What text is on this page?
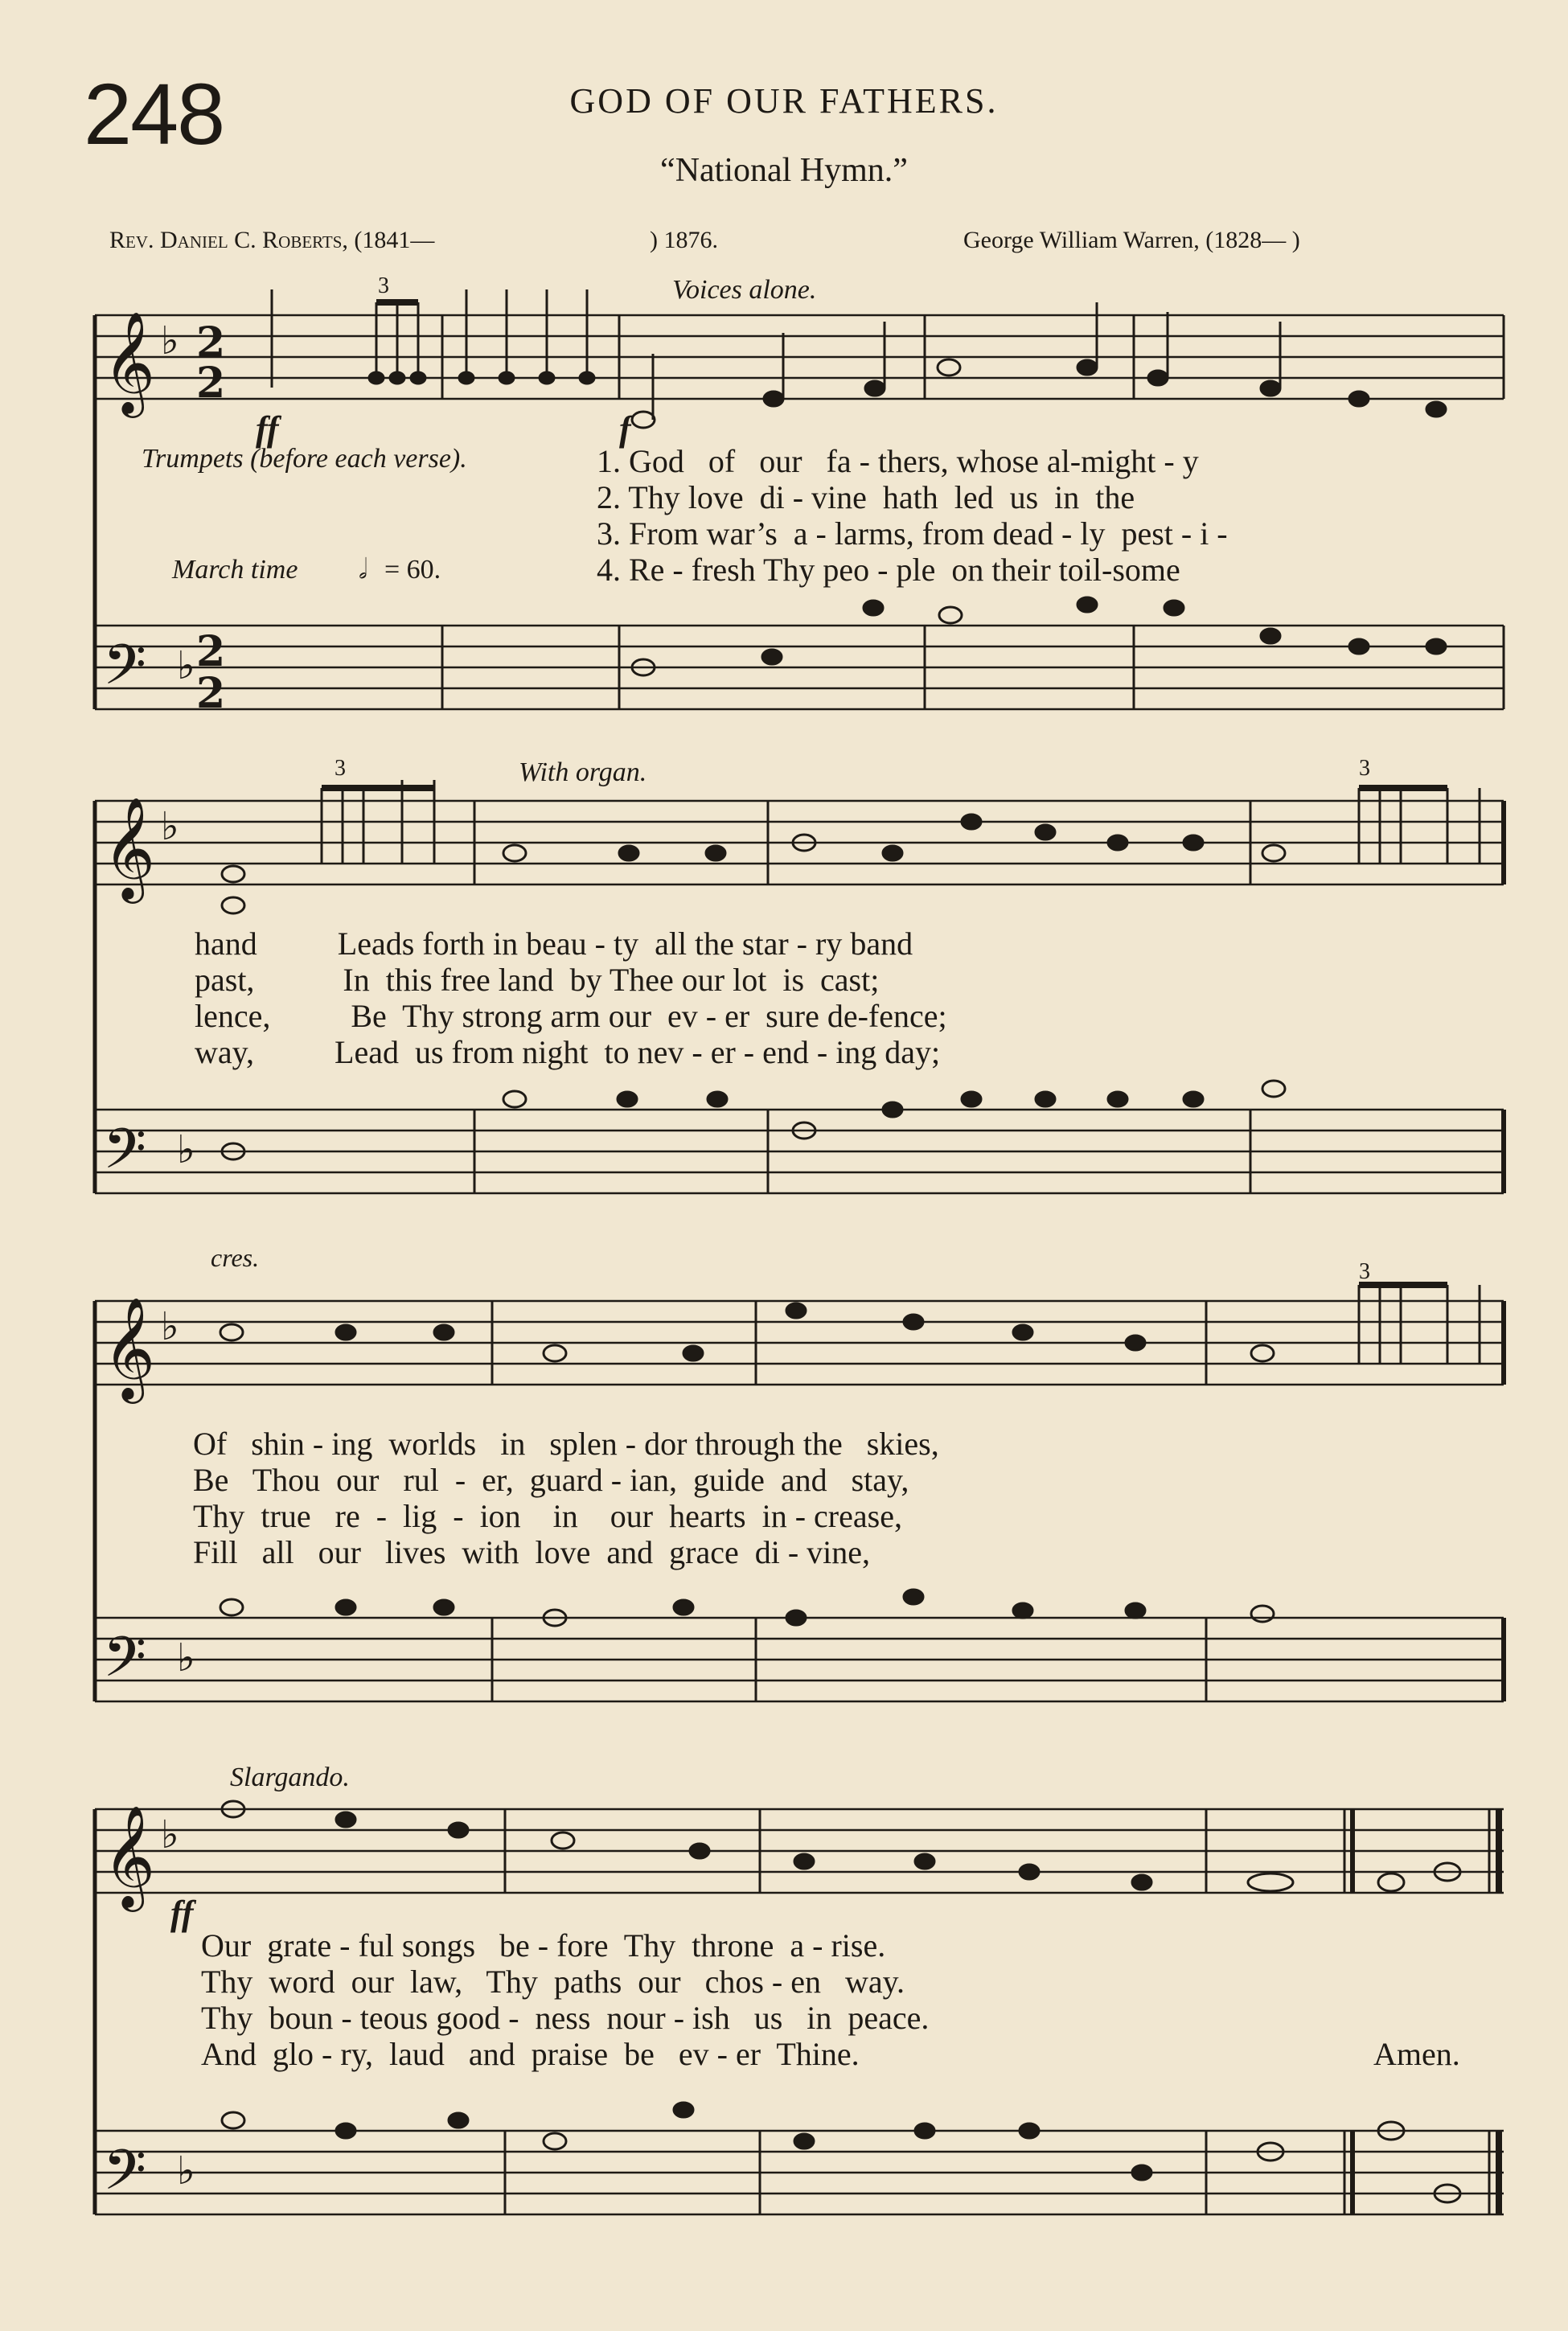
248	GOD OF OUR FATHERS.
“National Hymn.”
Rev. Daniel C. Roberts, (1841—	) 1876.	George William Warren, (1828— )
ff
Trumpets (before each verse).
Voices alone.
f
March time 𝅗𝅥 = 60.
With organ.
cres.
Slargando.
ff
3
3	3
3
1. God   of   our   fa - thers, whose al-might - y
2. Thy love  di - vine  hath  led  us  in  the
3. From war’s  a - larms, from dead - ly  pest - i -
4. Re - fresh Thy peo - ple  on their toil-some
hand          Leads forth in beau - ty  all the star - ry band
past,           In  this free land  by Thee our lot  is  cast;
lence,          Be  Thy strong arm our  ev - er  sure de-fence;
way,          Lead  us from night  to nev - er - end - ing day;
Of   shin - ing  worlds   in   splen - dor through the   skies,
Be   Thou  our   rul  -  er,  guard - ian,  guide  and   stay,
Thy  true   re  -  lig  -  ion    in    our  hearts  in - crease,
Fill   all   our   lives  with  love  and  grace  di - vine,
Our  grate - ful songs   be - fore  Thy  throne  a - rise.
Thy  word  our  law,   Thy  paths  our   chos - en   way.
Thy  boun - teous good -  ness  nour - ish   us   in  peace.
And  glo - ry,  laud   and  praise  be   ev - er  Thine.	Amen.
𝄞
𝄢
♭
♭
2
2
2
2
𝄞
𝄢
♭
♭
𝄞
𝄢
♭
♭
𝄞
𝄢
♭
♭
